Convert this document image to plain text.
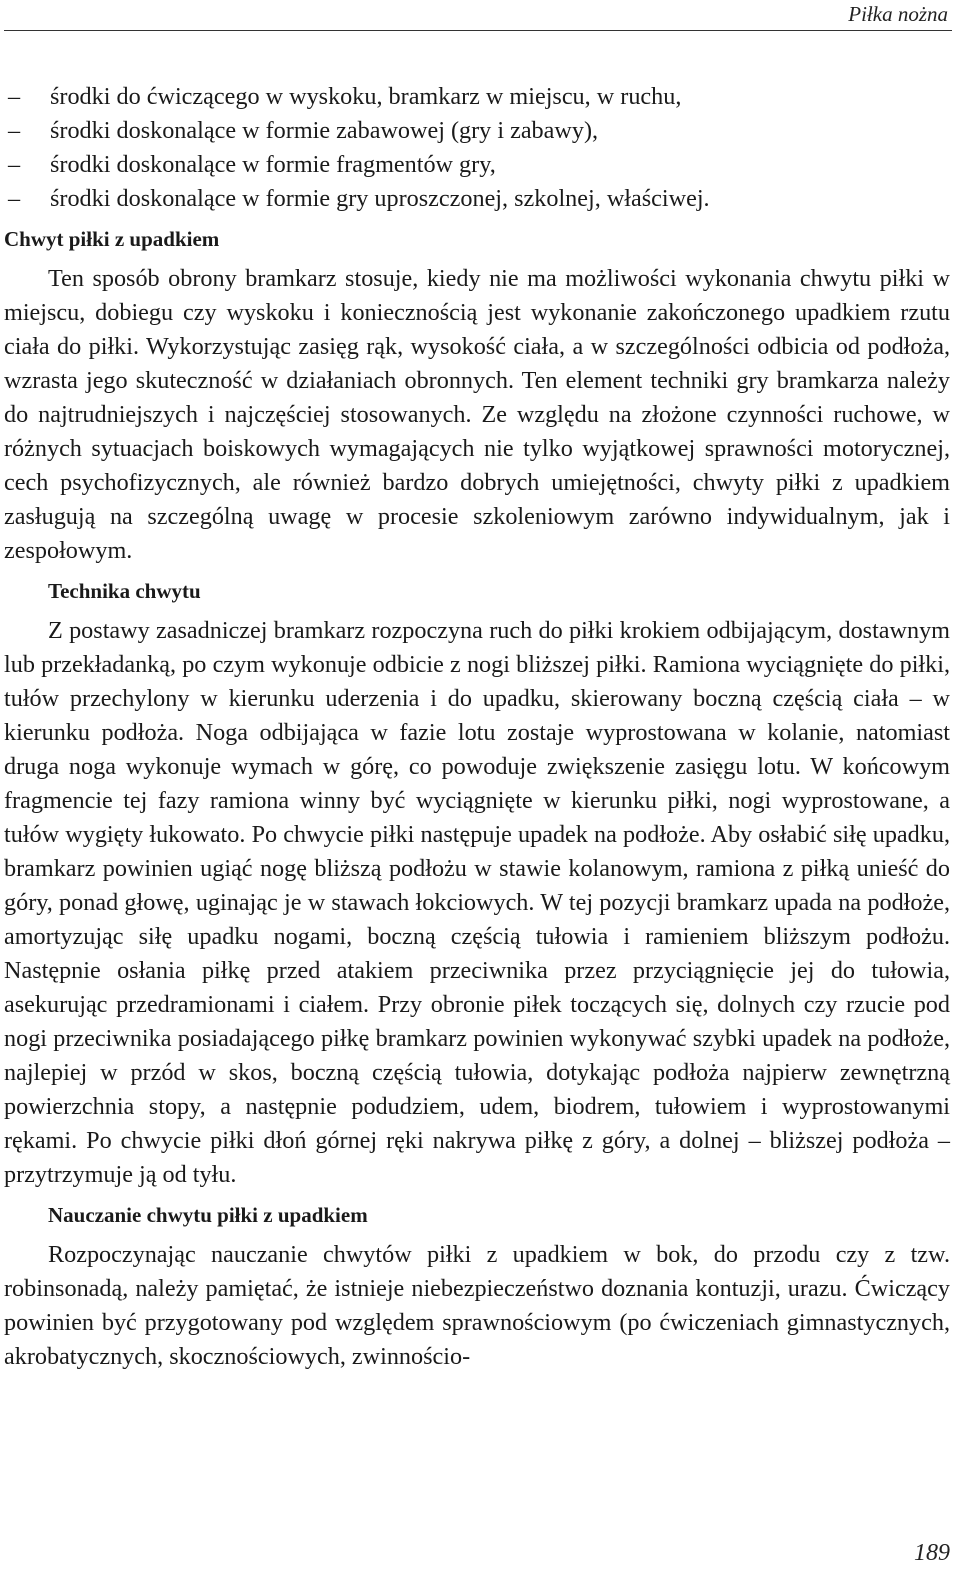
Piłka nożna
– środki do ćwiczącego w wyskoku, bramkarz w miejscu, w ruchu,
– środki doskonalące w formie zabawowej (gry i zabawy),
– środki doskonalące w formie fragmentów gry,
– środki doskonalące w formie gry uproszczonej, szkolnej, właściwej.
Chwyt piłki z upadkiem

Ten sposób obrony bramkarz stosuje, kiedy nie ma możliwości wykonania chwytu piłki w miejscu, dobiegu czy wyskoku i koniecznością jest wykonanie zakończonego upadkiem rzutu ciała do piłki. Wykorzystując zasięg rąk, wysokość ciała, a w szczególności odbicia od podłoża, wzrasta jego skuteczność w działaniach obronnych. Ten element techniki gry bramkarza należy do najtrudniejszych i najczęściej stosowanych. Ze względu na złożone czynności ruchowe, w różnych sytuacjach boiskowych wymagających nie tylko wyjątkowej sprawności motorycznej, cech psychofizycznych, ale również bardzo dobrych umiejętności, chwyty piłki z upadkiem zasługują na szczególną uwagę w procesie szkoleniowym zarówno indywidualnym, jak i zespołowym.

Technika chwytu

Z postawy zasadniczej bramkarz rozpoczyna ruch do piłki krokiem odbijającym, dostawnym lub przekładanką, po czym wykonuje odbicie z nogi bliższej piłki. Ramiona wyciągnięte do piłki, tułów przechylony w kierunku uderzenia i do upadku, skierowany boczną częścią ciała – w kierunku podłoża. Noga odbijająca w fazie lotu zostaje wyprostowana w kolanie, natomiast druga noga wykonuje wymach w górę, co powoduje zwiększenie zasięgu lotu. W końcowym fragmencie tej fazy ramiona winny być wyciągnięte w kierunku piłki, nogi wyprostowane, a tułów wygięty łukowato. Po chwycie piłki następuje upadek na podłoże. Aby osłabić siłę upadku, bramkarz powinien ugiąć nogę bliższą podłożu w stawie kolanowym, ramiona z piłką unieść do góry, ponad głowę, uginając je w stawach łokciowych. W tej pozycji bramkarz upada na podłoże, amortyzując siłę upadku nogami, boczną częścią tułowia i ramieniem bliższym podłożu. Następnie osłania piłkę przed atakiem przeciwnika przez przyciągnięcie jej do tułowia, asekurując przedramionami i ciałem. Przy obronie piłek toczących się, dolnych czy rzucie pod nogi przeciwnika posiadającego piłkę bramkarz powinien wykonywać szybki upadek na podłoże, najlepiej w przód w skos, boczną częścią tułowia, dotykając podłoża najpierw zewnętrzną powierzchnia stopy, a następnie podudziem, udem, biodrem, tułowiem i wyprostowanymi rękami. Po chwycie piłki dłoń górnej ręki nakrywa piłkę z góry, a dolnej – bliższej podłoża – przytrzymuje ją od tyłu.

Nauczanie chwytu piłki z upadkiem

Rozpoczynając nauczanie chwytów piłki z upadkiem w bok, do przodu czy z tzw. robinsonadą, należy pamiętać, że istnieje niebezpieczeństwo doznania kontuzji, urazu. Ćwiczący powinien być przygotowany pod względem sprawnościowym (po ćwiczeniach gimnastycznych, akrobatycznych, skocznościowych, zwinnościo-

189
